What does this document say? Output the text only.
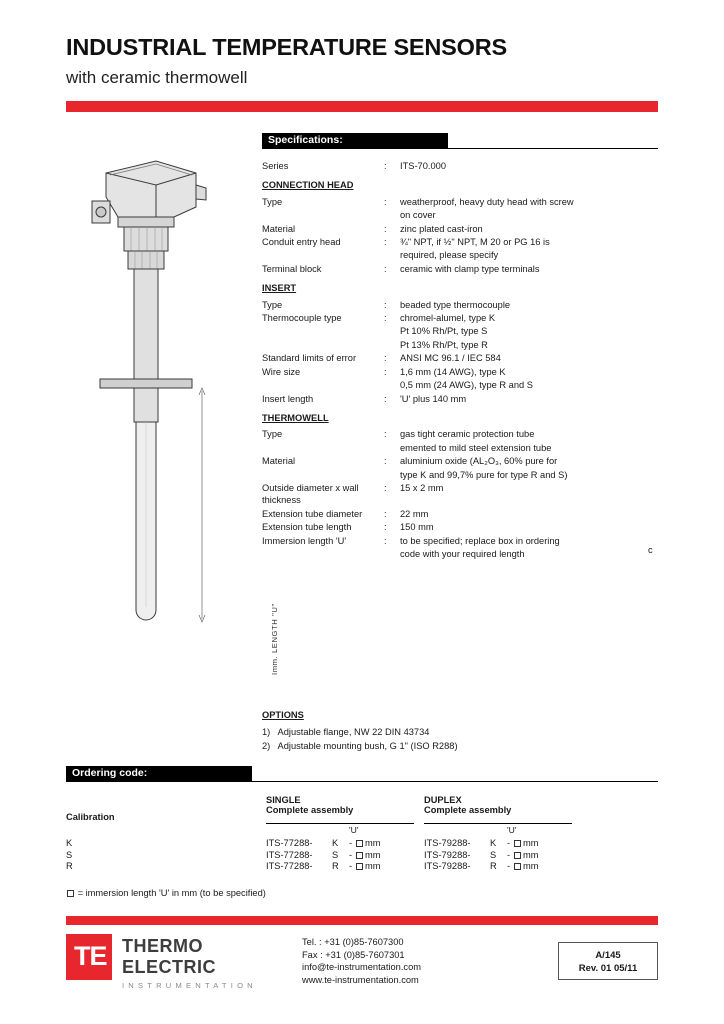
INDUSTRIAL TEMPERATURE SENSORS
with ceramic thermowell
Imm. LENGTH "U"
Specifications:
Series	:	ITS-70.000
CONNECTION HEAD
Type	:	weatherproof, heavy duty head with screw
on cover
Material	:	zinc plated cast-iron
Conduit entry head	:	¾" NPT, if ½" NPT, M 20 or PG 16 is
required, please specify
Terminal block	:	ceramic with clamp type terminals
INSERT
Type	:	beaded type thermocouple
Thermocouple type	:	chromel-alumel, type K
Pt 10% Rh/Pt, type S
Pt 13% Rh/Pt, type R
Standard limits of error	:	ANSI MC 96.1 / IEC 584
Wire size	:	1,6 mm (14 AWG), type K
0,5 mm (24 AWG), type R and S
Insert length	:	'U' plus 140 mm
THERMOWELL
Type	:	gas tight ceramic protection tube
emented to mild steel extension tube
Material	:	aluminium oxide (AL₂O₃, 60% pure for
type K and 99,7% pure for type R and S)
Outside diameter x wall thickness
:	15 x 2 mm
Extension tube diameter	:	22 mm
Extension tube length	:	150 mm
Immersion length 'U'	:	to be specified; replace box in ordering
code with your required length	c
OPTIONS
1)   Adjustable flange, NW 22 DIN 43734
2)   Adjustable mounting bush, G 1" (ISO R288)
Ordering code:
Calibration
SINGLE
Complete assembly
'U'
DUPLEX
Complete assembly
'U'
K	ITS-77288- K - mm	ITS-79288- K - mm
S	ITS-77288- S - mm	ITS-79288- S - mm
R	ITS-77288- R - mm	ITS-79288- R - mm
= immersion length 'U' in mm (to be specified)
TE THERMO
ELECTRIC
INSTRUMENTATION
Tel. : +31 (0)85-7607300
Fax : +31 (0)85-7607301
info@te-instrumentation.com
www.te-instrumentation.com
A/145
Rev. 01 05/11
